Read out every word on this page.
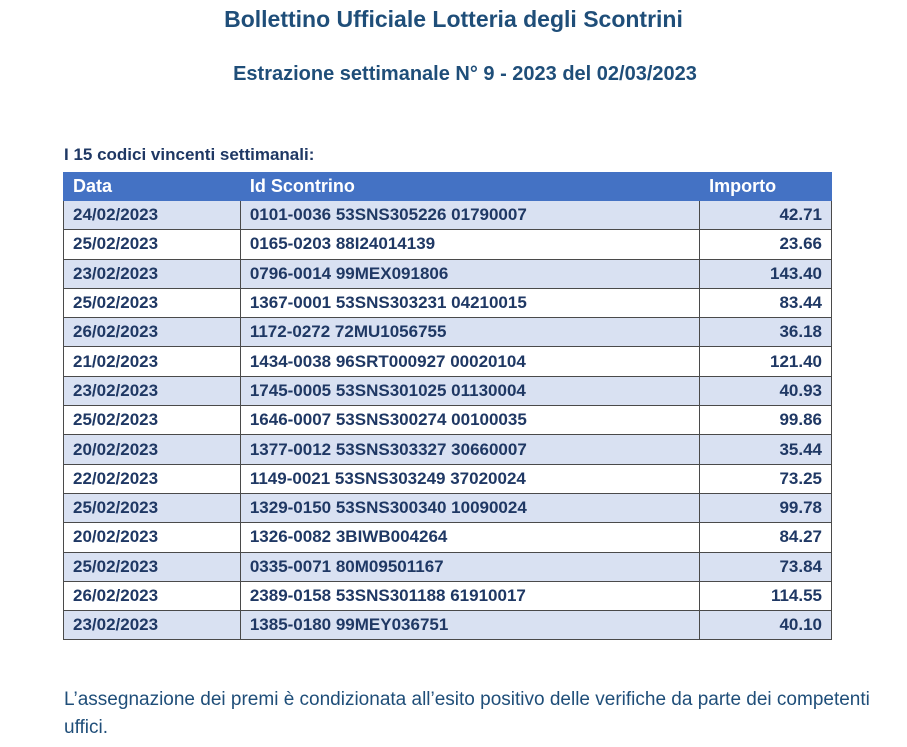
Bollettino Ufficiale Lotteria degli Scontrini
Estrazione settimanale N° 9 - 2023 del 02/03/2023
I 15 codici vincenti settimanali:
Data	Id Scontrino	Importo
24/02/2023	0101-0036 53SNS305226 01790007	42.71
25/02/2023	0165-0203 88I24014139	23.66
23/02/2023	0796-0014 99MEX091806	143.40
25/02/2023	1367-0001 53SNS303231 04210015	83.44
26/02/2023	1172-0272 72MU1056755	36.18
21/02/2023	1434-0038 96SRT000927 00020104	121.40
23/02/2023	1745-0005 53SNS301025 01130004	40.93
25/02/2023	1646-0007 53SNS300274 00100035	99.86
20/02/2023	1377-0012 53SNS303327 30660007	35.44
22/02/2023	1149-0021 53SNS303249 37020024	73.25
25/02/2023	1329-0150 53SNS300340 10090024	99.78
20/02/2023	1326-0082 3BIWB004264	84.27
25/02/2023	0335-0071 80M09501167	73.84
26/02/2023	2389-0158 53SNS301188 61910017	114.55
23/02/2023	1385-0180 99MEY036751	40.10
L’assegnazione dei premi è condizionata all’esito positivo delle verifiche da parte dei competenti uffici.
